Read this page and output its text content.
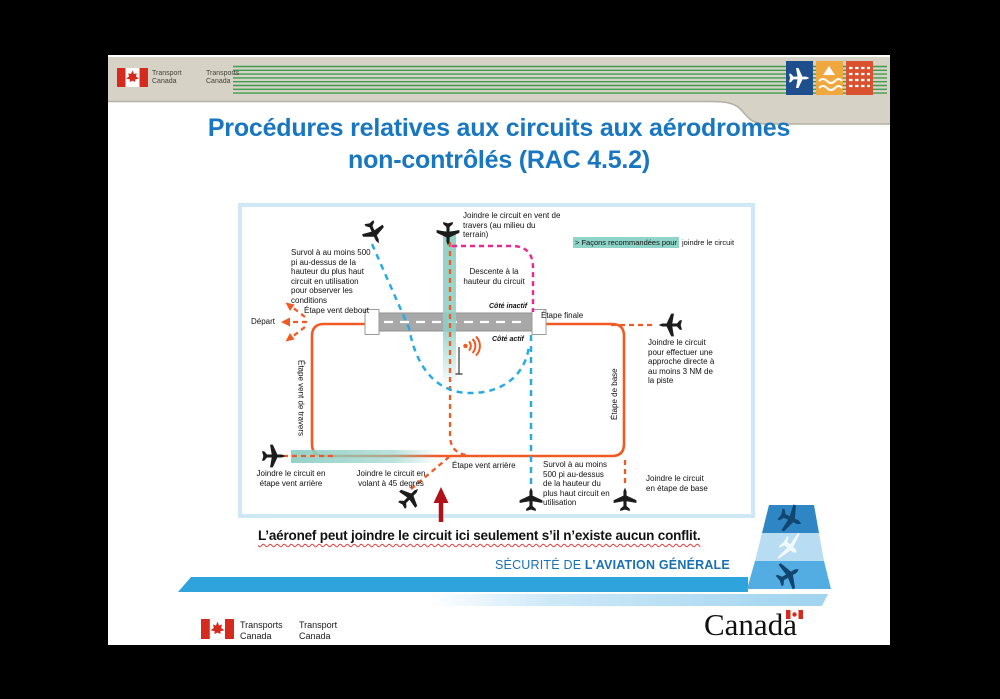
Transport
Canada
Transports
Canada
Procédures relatives aux circuits aux aérodromes
non-contrôlés (RAC 4.5.2)
> Façons recommandées pour joindre le circuit
Survol à au moins 500 pi au-dessus de la hauteur du plus haut circuit en utilisation pour observer les conditions
Joindre le circuit en vent de travers (au milieu du terrain)
Descente à la hauteur du circuit
Côté inactif
Côté actif
Étape finale
Étape vent debout
Départ
Étape vent de travers	Étape de base
Étape vent arrière
Joindre le circuit pour effectuer une approche directe à au moins 3 NM de la piste
Joindre le circuit en étape vent arrière
Joindre le circuit en volant à 45 degrés
Survol à au moins 500 pi au-dessus de la hauteur du plus haut circuit en utilisation
Joindre le circuit en étape de base
L’aéronef peut joindre le circuit ici seulement s’il n’existe aucun conflit.
SÉCURITÉ DE L’AVIATION GÉNÉRALE
Transports
Canada
Transport
Canada	Canada
